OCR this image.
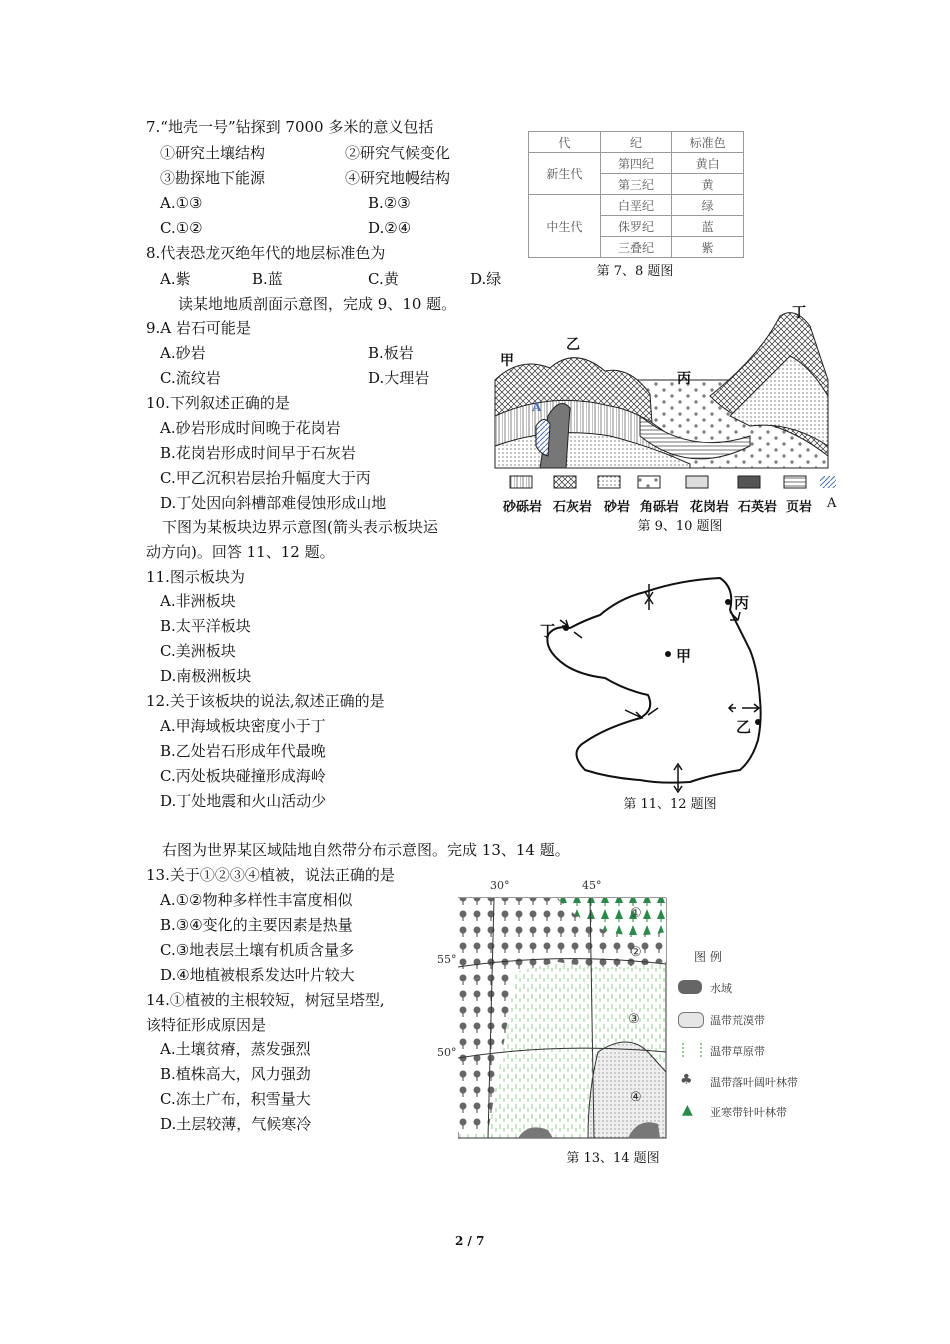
7.“地壳一号”钻探到 7000 多米的意义包括
①研究土壤结构	②研究气候变化
③勘探地下能源	④研究地幔结构
A.①③	B.②③
C.①②	D.②④
代	纪	标准色
新生代	第四纪	黄白
	第三纪	黄
中生代	白垩纪	绿
	侏罗纪	蓝
	三叠纪	紫
第 7、8 题图
8.代表恐龙灭绝年代的地层标准色为
A.紫	B.蓝	C.黄	D.绿
读某地地质剖面示意图，完成 9、10 题。
9.A 岩石可能是
A.砂岩	B.板岩
C.流纹岩	D.大理岩
10.下列叙述正确的是
A.砂岩形成时间晚于花岗岩
B.花岗岩形成时间早于石灰岩
C.甲乙沉积岩层抬升幅度大于丙
D.丁处因向斜槽部难侵蚀形成山地
甲
乙
丙
丁
A
砂砾岩 石灰岩 砂岩 角砾岩 花岗岩 石英岩 页岩 A
第 9、10 题图
下图为某板块边界示意图(箭头表示板块运
动方向)。回答 11、12 题。
11.图示板块为
A.非洲板块
B.太平洋板块
C.美洲板块
D.南极洲板块
12.关于该板块的说法,叙述正确的是
A.甲海域板块密度小于丁
B.乙处岩石形成年代最晚
C.丙处板块碰撞形成海岭
D.丁处地震和火山活动少
甲
乙
丙
丁
第 11、12 题图
右图为世界某区域陆地自然带分布示意图。完成 13、14 题。
13.关于①②③④植被，说法正确的是
A.①②物种多样性丰富度相似
B.③④变化的主要因素是热量
C.③地表层土壤有机质含量多
D.④地植被根系发达叶片较大
14.①植被的主根较短，树冠呈塔型,
该特征形成原因是
A.土壤贫瘠，蒸发强烈
B.植株高大，风力强劲
C.冻土广布，积雪量大
D.土层较薄，气候寒冷
30°	45°
55°
50°
①
②
③
④
图 例
水域
温带荒漠带
温带草原带
♣ 温带落叶阔叶林带
▲ 亚寒带针叶林带
第 13、14 题图
2 / 7
